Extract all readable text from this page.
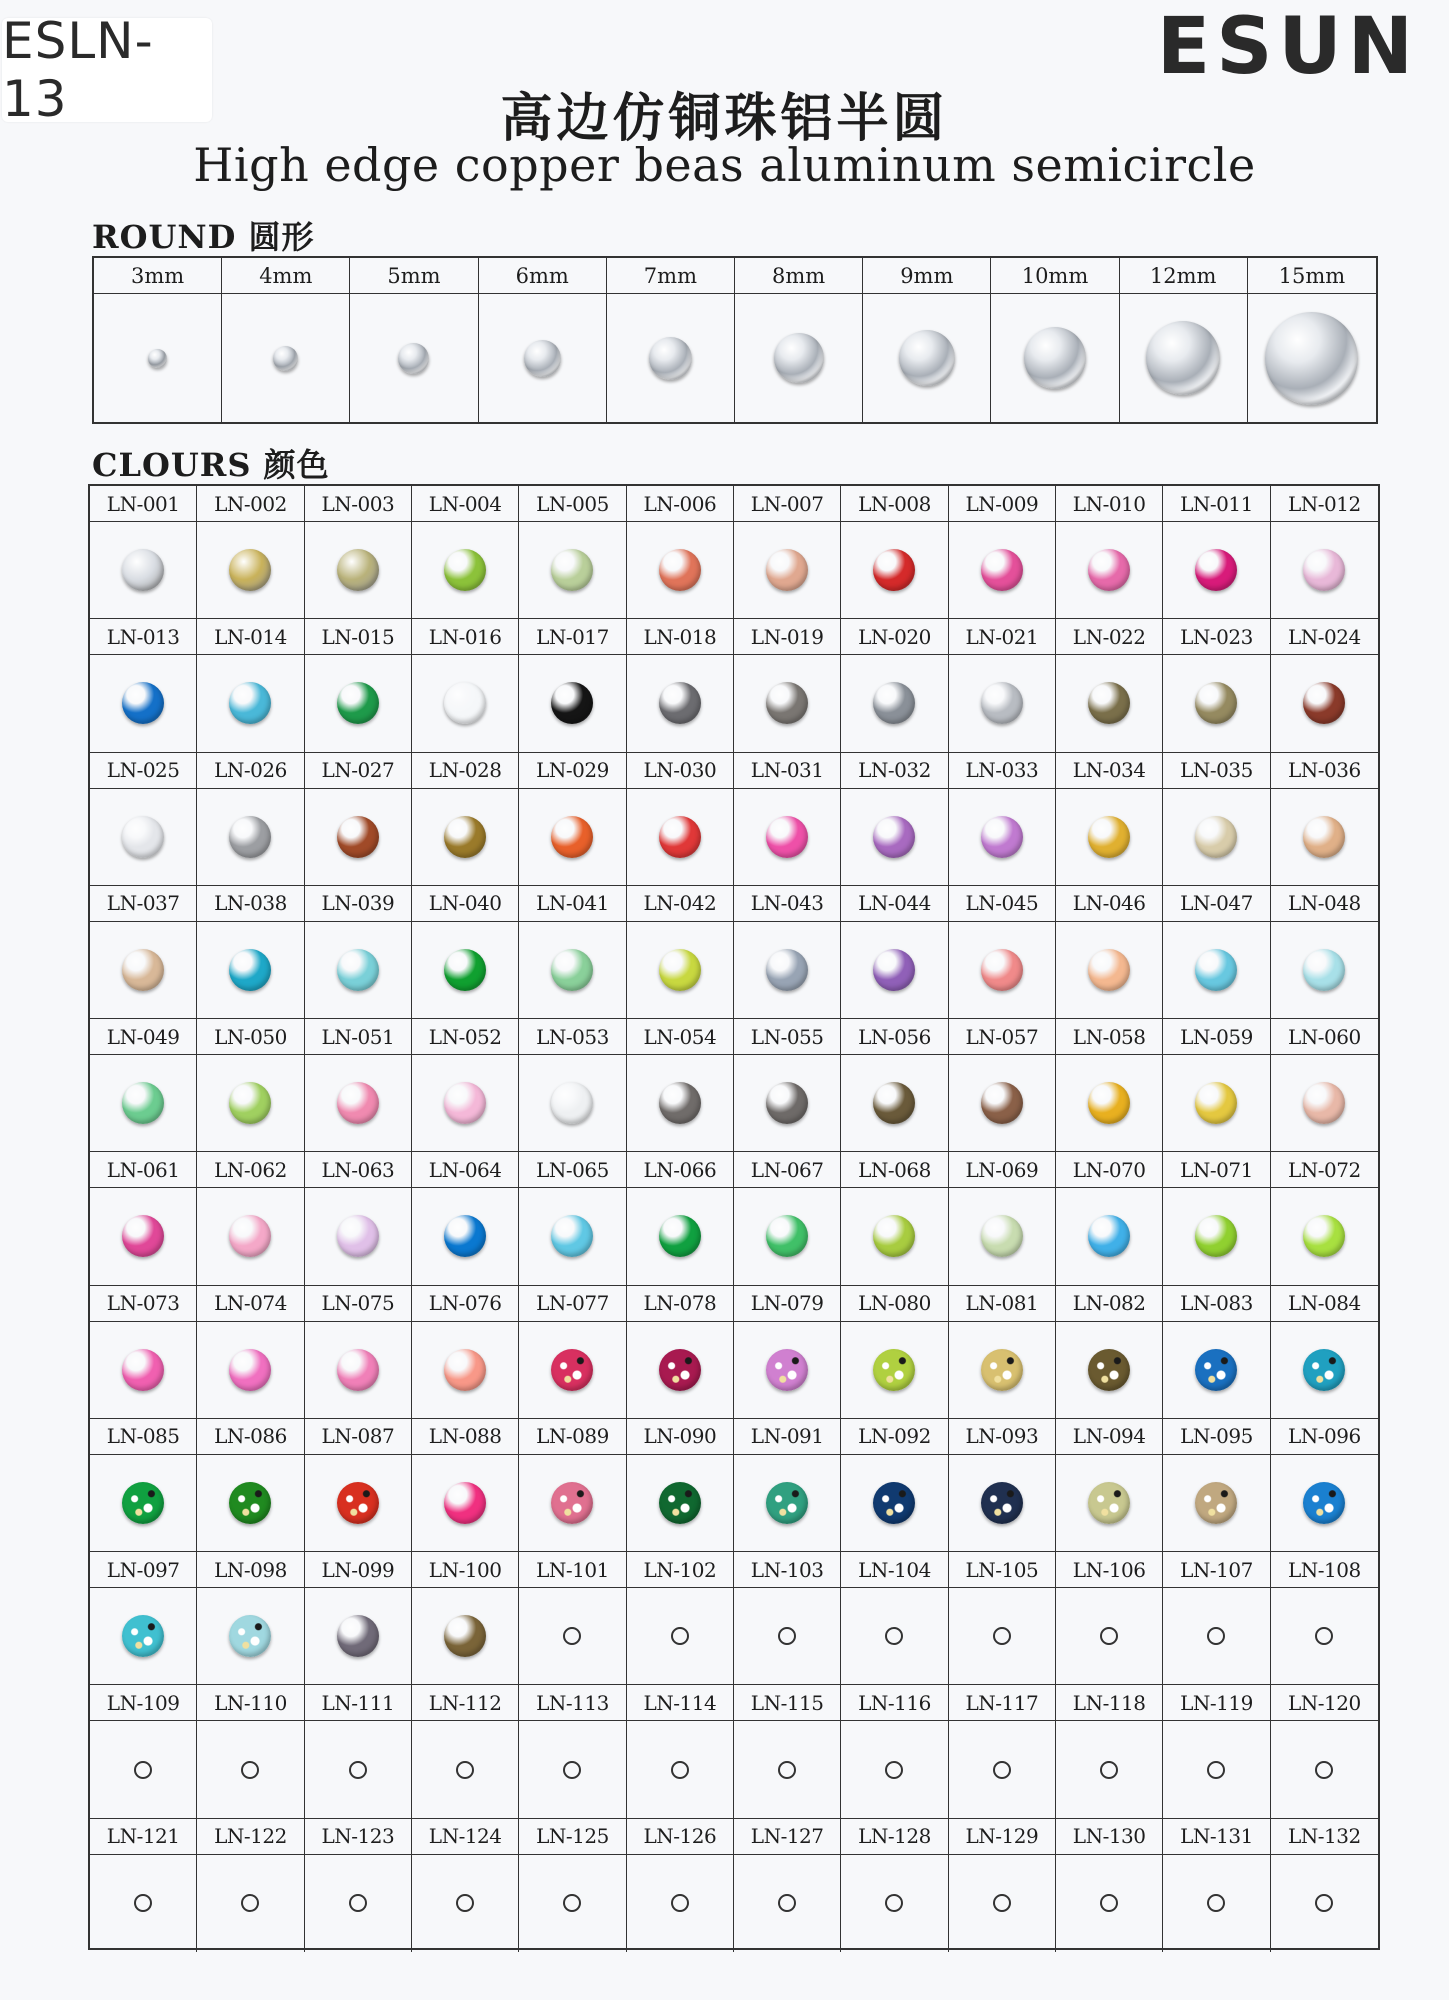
ESLN-13
ESUN
高边仿铜珠铝半圆
High edge copper beas aluminum semicircle
ROUND 圆形
3mm	4mm	5mm	6mm	7mm	8mm	9mm	10mm	12mm	15mm
CLOURS 颜色
LN-001	LN-002	LN-003	LN-004	LN-005	LN-006	LN-007	LN-008	LN-009	LN-010	LN-011	LN-012
LN-013	LN-014	LN-015	LN-016	LN-017	LN-018	LN-019	LN-020	LN-021	LN-022	LN-023	LN-024
LN-025	LN-026	LN-027	LN-028	LN-029	LN-030	LN-031	LN-032	LN-033	LN-034	LN-035	LN-036
LN-037	LN-038	LN-039	LN-040	LN-041	LN-042	LN-043	LN-044	LN-045	LN-046	LN-047	LN-048
LN-049	LN-050	LN-051	LN-052	LN-053	LN-054	LN-055	LN-056	LN-057	LN-058	LN-059	LN-060
LN-061	LN-062	LN-063	LN-064	LN-065	LN-066	LN-067	LN-068	LN-069	LN-070	LN-071	LN-072
LN-073	LN-074	LN-075	LN-076	LN-077	LN-078	LN-079	LN-080	LN-081	LN-082	LN-083	LN-084
LN-085	LN-086	LN-087	LN-088	LN-089	LN-090	LN-091	LN-092	LN-093	LN-094	LN-095	LN-096
LN-097	LN-098	LN-099	LN-100	LN-101	LN-102	LN-103	LN-104	LN-105	LN-106	LN-107	LN-108
LN-109	LN-110	LN-111	LN-112	LN-113	LN-114	LN-115	LN-116	LN-117	LN-118	LN-119	LN-120
LN-121	LN-122	LN-123	LN-124	LN-125	LN-126	LN-127	LN-128	LN-129	LN-130	LN-131	LN-132
